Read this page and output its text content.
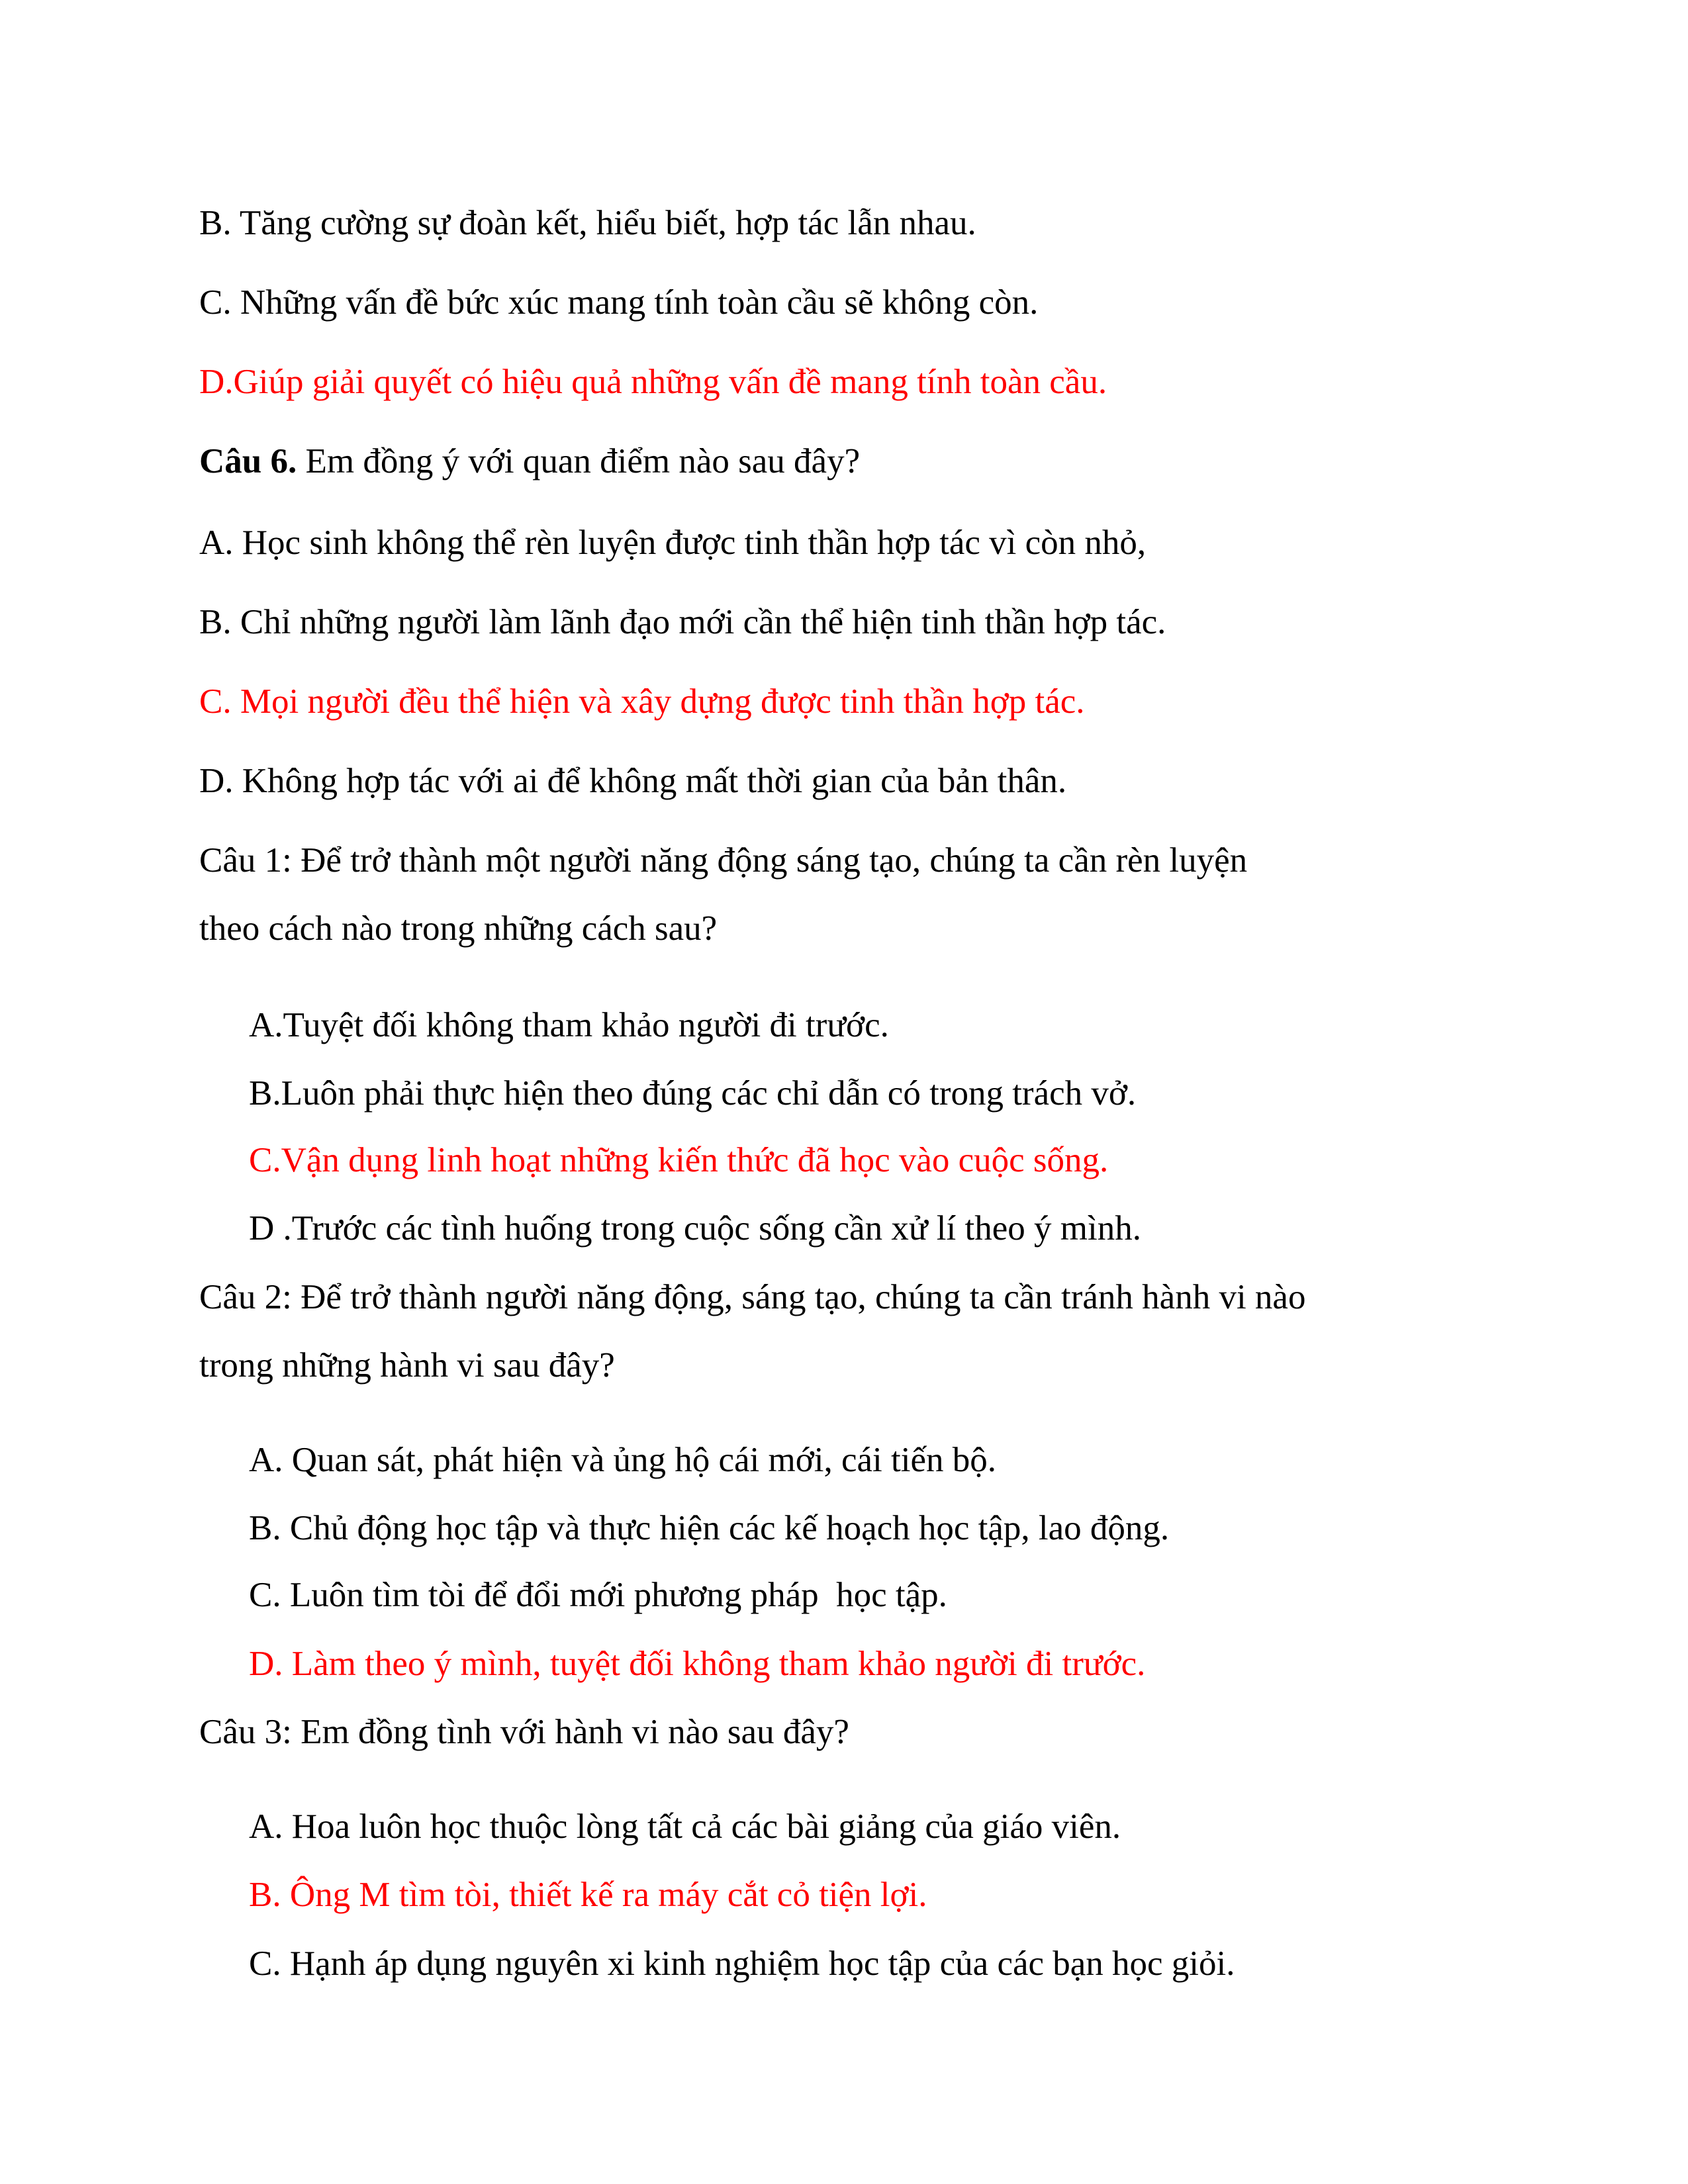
B. Tăng cường sự đoàn kết, hiểu biết, hợp tác lẫn nhau.
C. Những vấn đề bức xúc mang tính toàn cầu sẽ không còn.
D.Giúp giải quyết có hiệu quả những vấn đề mang tính toàn cầu.
Câu 6. Em đồng ý với quan điểm nào sau đây?
A. Học sinh không thể rèn luyện được tinh thần hợp tác vì còn nhỏ,
B. Chỉ những người làm lãnh đạo mới cần thể hiện tinh thần hợp tác.
C. Mọi người đều thể hiện và xây dựng được tinh thần hợp tác.
D. Không hợp tác với ai để không mất thời gian của bản thân.
Câu 1: Để trở thành một người năng động sáng tạo, chúng ta cần rèn luyện
theo cách nào trong những cách sau?
A.Tuyệt đối không tham khảo người đi trước.
B.Luôn phải thực hiện theo đúng các chỉ dẫn có trong trách vở.
C.Vận dụng linh hoạt những kiến thức đã học vào cuộc sống.
D .Trước các tình huống trong cuộc sống cần xử lí theo ý mình.
Câu 2: Để trở thành người năng động, sáng tạo, chúng ta cần tránh hành vi nào
trong những hành vi sau đây?
A. Quan sát, phát hiện và ủng hộ cái mới, cái tiến bộ.
B. Chủ động học tập và thực hiện các kế hoạch học tập, lao động.
C. Luôn tìm tòi để đổi mới phương pháp  học tập.
D. Làm theo ý mình, tuyệt đối không tham khảo người đi trước.
Câu 3: Em đồng tình với hành vi nào sau đây?
A. Hoa luôn học thuộc lòng tất cả các bài giảng của giáo viên.
B. Ông M tìm tòi, thiết kế ra máy cắt cỏ tiện lợi.
C. Hạnh áp dụng nguyên xi kinh nghiệm học tập của các bạn học giỏi.
